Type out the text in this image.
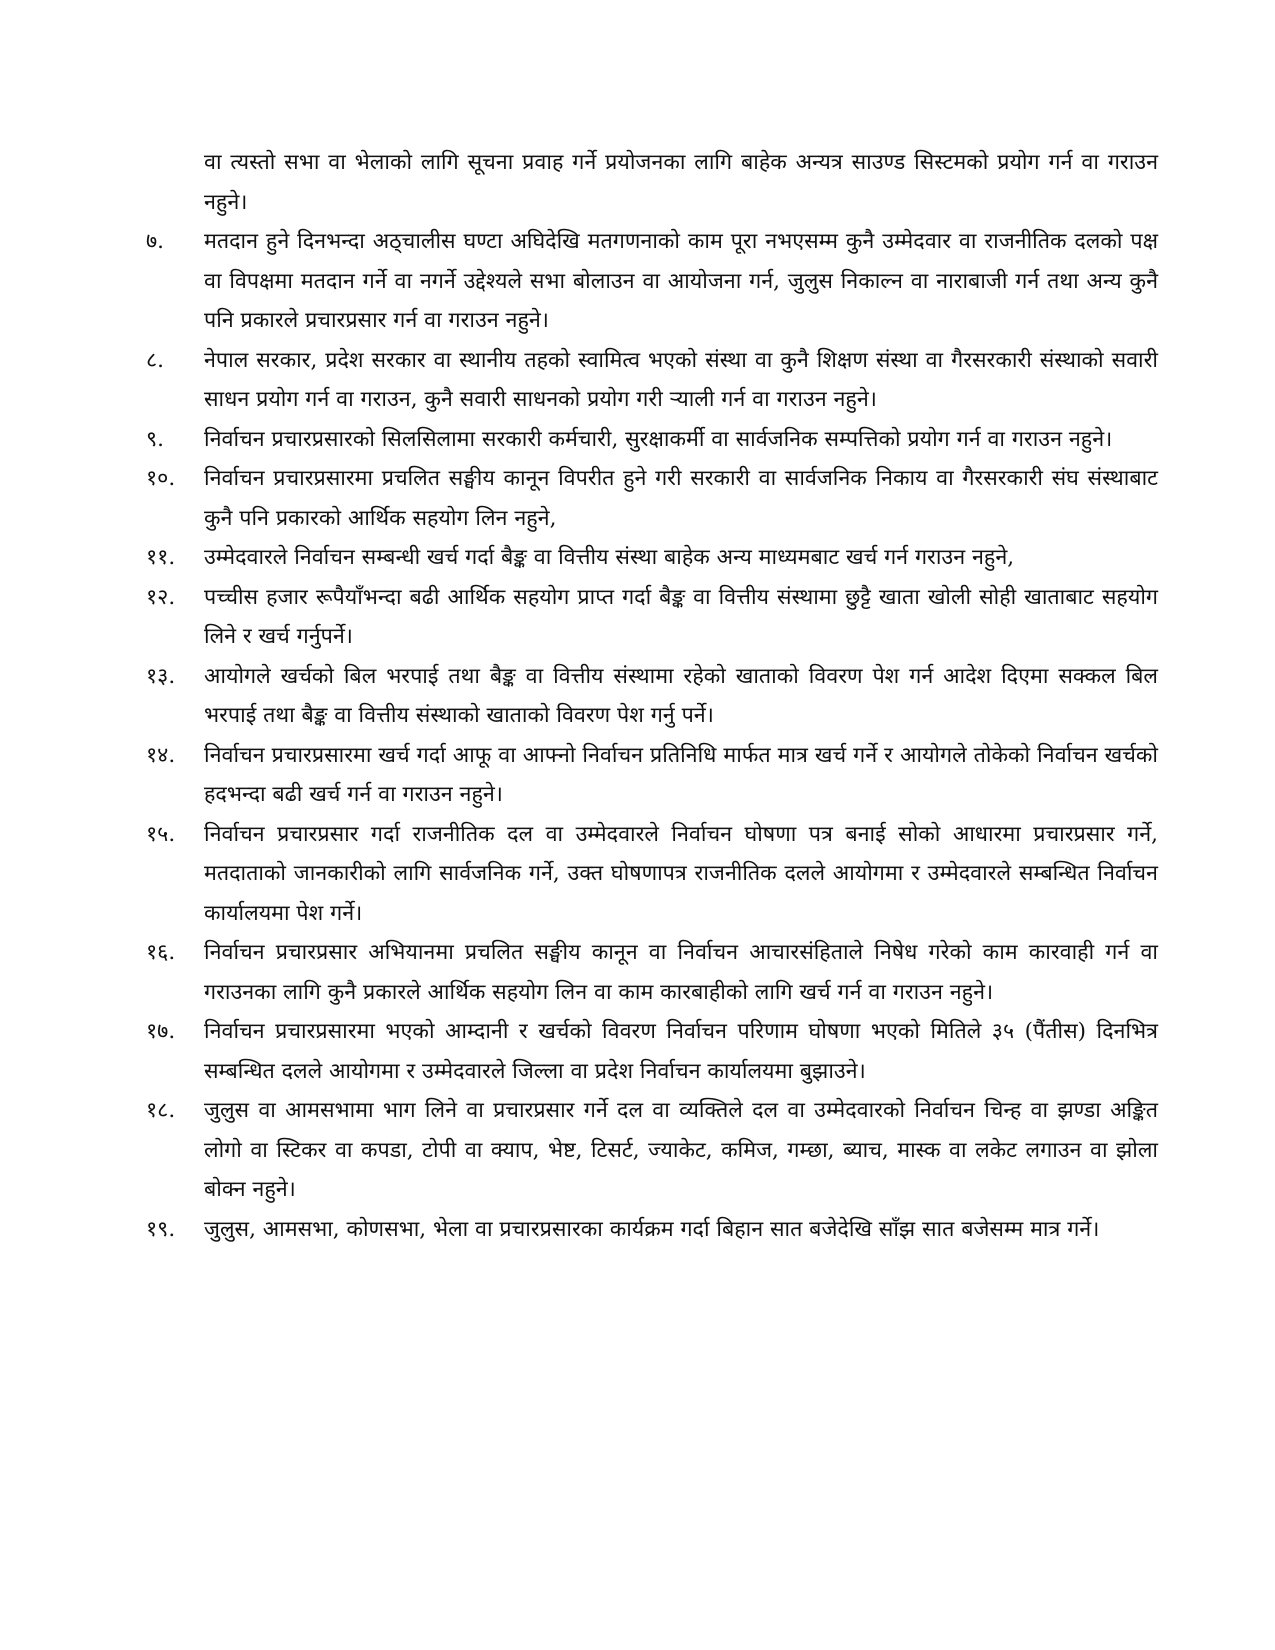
वा त्यस्तो सभा वा भेलाको लागि सूचना प्रवाह गर्ने प्रयोजनका लागि बाहेक अन्यत्र साउण्ड सिस्टमको प्रयोग गर्न वा गराउन नहुने।
७.	मतदान हुने दिनभन्दा अठ्चालीस घण्टा अघिदेखि मतगणनाको काम पूरा नभएसम्म कुनै उम्मेदवार वा राजनीतिक दलको पक्ष वा विपक्षमा मतदान गर्ने वा नगर्ने उद्देश्यले सभा बोलाउन वा आयोजना गर्न, जुलुस निकाल्न वा नाराबाजी गर्न तथा अन्य कुनै पनि प्रकारले प्रचारप्रसार गर्न वा गराउन नहुने।
८.	नेपाल सरकार, प्रदेश सरकार वा स्थानीय तहको स्वामित्व भएको संस्था वा कुनै शिक्षण संस्था वा गैरसरकारी संस्थाको सवारी साधन प्रयोग गर्न वा गराउन, कुनै सवारी साधनको प्रयोग गरी र्‍याली गर्न वा गराउन नहुने।
९.	निर्वाचन प्रचारप्रसारको सिलसिलामा सरकारी कर्मचारी, सुरक्षाकर्मी वा सार्वजनिक सम्पत्तिको प्रयोग गर्न वा गराउन नहुने।
१०.	निर्वाचन प्रचारप्रसारमा प्रचलित सङ्घीय कानून विपरीत हुने गरी सरकारी वा सार्वजनिक निकाय वा गैरसरकारी संघ संस्थाबाट कुनै पनि प्रकारको आर्थिक सहयोग लिन नहुने,
११.	उम्मेदवारले निर्वाचन सम्बन्धी खर्च गर्दा बैङ्क वा वित्तीय संस्था बाहेक अन्य माध्यमबाट खर्च गर्न गराउन नहुने,
१२.	पच्चीस हजार रूपैयाँभन्दा बढी आर्थिक सहयोग प्राप्त गर्दा बैङ्क वा वित्तीय संस्थामा छुट्टै खाता खोली सोही खाताबाट सहयोग लिने र खर्च गर्नुपर्ने।
१३.	आयोगले खर्चको बिल भरपाई तथा बैङ्क वा वित्तीय संस्थामा रहेको खाताको विवरण पेश गर्न आदेश दिएमा सक्कल बिल भरपाई तथा बैङ्क वा वित्तीय संस्थाको खाताको विवरण पेश गर्नु पर्ने।
१४.	निर्वाचन प्रचारप्रसारमा खर्च गर्दा आफू वा आफ्नो निर्वाचन प्रतिनिधि मार्फत मात्र खर्च गर्ने र आयोगले तोकेको निर्वाचन खर्चको हदभन्दा बढी खर्च गर्न वा गराउन नहुने।
१५.	निर्वाचन प्रचारप्रसार गर्दा राजनीतिक दल वा उम्मेदवारले निर्वाचन घोषणा पत्र बनाई सोको आधारमा प्रचारप्रसार गर्ने, मतदाताको जानकारीको लागि सार्वजनिक गर्ने, उक्त घोषणापत्र राजनीतिक दलले आयोगमा र उम्मेदवारले सम्बन्धित निर्वाचन कार्यालयमा पेश गर्ने।
१६.	निर्वाचन प्रचारप्रसार अभियानमा प्रचलित सङ्घीय कानून वा निर्वाचन आचारसंहिताले निषेध गरेको काम कारवाही गर्न वा गराउनका लागि कुनै प्रकारले आर्थिक सहयोग लिन वा काम कारबाहीको लागि खर्च गर्न वा गराउन नहुने।
१७.	निर्वाचन प्रचारप्रसारमा भएको आम्दानी र खर्चको विवरण निर्वाचन परिणाम घोषणा भएको मितिले ३५ (पैंतीस) दिनभित्र सम्बन्धित दलले आयोगमा र उम्मेदवारले जिल्ला वा प्रदेश निर्वाचन कार्यालयमा बुझाउने।
१८.	जुलुस वा आमसभामा भाग लिने वा प्रचारप्रसार गर्ने दल वा व्यक्तिले दल वा उम्मेदवारको निर्वाचन चिन्ह वा झण्डा अङ्कित लोगो वा स्टिकर वा कपडा, टोपी वा क्याप, भेष्ट, टिसर्ट, ज्याकेट, कमिज, गम्छा, ब्याच, मास्क वा लकेट लगाउन वा झोला बोक्न नहुने।
१९.	जुलुस, आमसभा, कोणसभा, भेला वा प्रचारप्रसारका कार्यक्रम गर्दा बिहान सात बजेदेखि साँझ सात बजेसम्म मात्र गर्ने।
